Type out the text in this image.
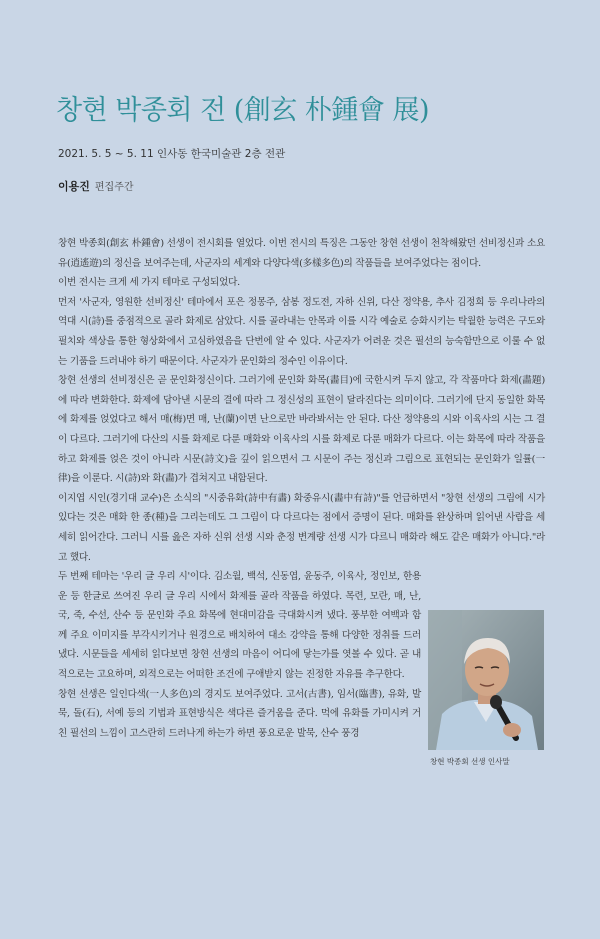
창현 박종회 전 (創玄 朴鍾會 展)
2021. 5. 5 ~ 5. 11 인사동 한국미술관 2층 전관
이용진 편집주간

창현 박종회(創玄 朴鍾會) 선생이 전시회를 열었다. 이번 전시의 특징은 그동안 창현 선생이 천착해왔던 선비정신과 소요유(逍遙遊)의 정신을 보여주는데, 사군자의 세계와 다양다색(多樣多色)의 작품들을 보여주었다는 점이다.

이번 전시는 크게 세 가지 테마로 구성되었다.

먼저 '사군자, 영원한 선비정신' 테마에서 포은 정몽주, 삼봉 정도전, 자하 신위, 다산 정약용, 추사 김정희 등 우리나라의 역대 시(詩)를 중점적으로 골라 화제로 삼았다. 시를 골라내는 안목과 이를 시각 예술로 승화시키는 탁월한 능력은 구도와 필치와 색상을 통한 형상화에서 고심하였음을 단번에 알 수 있다. 사군자가 어려운 것은 필선의 능숙함만으로 이룰 수 없는 기품을 드러내야 하기 때문이다. 사군자가 문인화의 정수인 이유이다.

창현 선생의 선비정신은 곧 문인화정신이다. 그러기에 문인화 화목(畵目)에 국한시켜 두지 않고, 각 작품마다 화제(畵題)에 따라 변화한다. 화제에 담아낸 시문의 결에 따라 그 정신성의 표현이 달라진다는 의미이다. 그러기에 단지 동일한 화목에 화제를 얹었다고 해서 매(梅)면 매, 난(蘭)이면 난으로만 바라봐서는 안 된다. 다산 정약용의 시와 이육사의 시는 그 결이 다르다. 그러기에 다산의 시를 화제로 다룬 매화와 이육사의 시를 화제로 다룬 매화가 다르다. 이는 화목에 따라 작품을 하고 화제를 얹은 것이 아니라 시문(詩文)을 깊이 읽으면서 그 시문이 주는 정신과 그림으로 표현되는 문인화가 일률(一律)을 이룬다. 시(詩)와 화(畵)가 겹쳐지고 내함된다.

이지엽 시인(경기대 교수)은 소식의 "시중유화(詩中有畵) 화중유시(畵中有詩)"를 언급하면서 "창현 선생의 그림에 시가 있다는 것은 매화 한 종(種)을 그리는데도 그 그림이 다 다르다는 점에서 증명이 된다. 매화를 완상하며 읽어낸 사람을 세세히 읽어간다. 그러니 시를 읊은 자하 신위 선생 시와 춘정 변계량 선생 시가 다르니 매화라 해도 같은 매화가 아니다."라고 했다.

두 번째 테마는 '우리 글 우리 시'이다. 김소월, 백석, 신동엽, 윤동주, 이육사, 정인보, 한용운 등 한글로 쓰여진 우리 글 우리 시에서 화제를 골라 작품을 하였다. 목련, 모란, 매, 난, 국, 죽, 수선, 산수 등 문인화 주요 화목에 현대미감을 극대화시켜 냈다. 풍부한 여백과 함께 주요 이미지를 부각시키거나 원경으로 배치하여 대소 강약을 통해 다양한 정취를 드러냈다. 시문들을 세세히 읽다보면 창현 선생의 마음이 어디에 닿는가를 엿볼 수 있다. 곧 내적으로는 고요하며, 외적으로는 어떠한 조건에 구애받지 않는 진정한 자유를 추구한다.

창현 선생은 일인다색(一人多色)의 경지도 보여주었다. 고서(古書), 임서(臨書), 유화, 발묵, 돌(石), 서예 등의 기법과 표현방식은 색다른 즐거움을 준다. 먹에 유화를 가미시켜 거친 필선의 느낌이 고스란히 드러나게 하는가 하면 풍요로운 발묵, 산수 풍경

창현 박종회 선생 인사말
